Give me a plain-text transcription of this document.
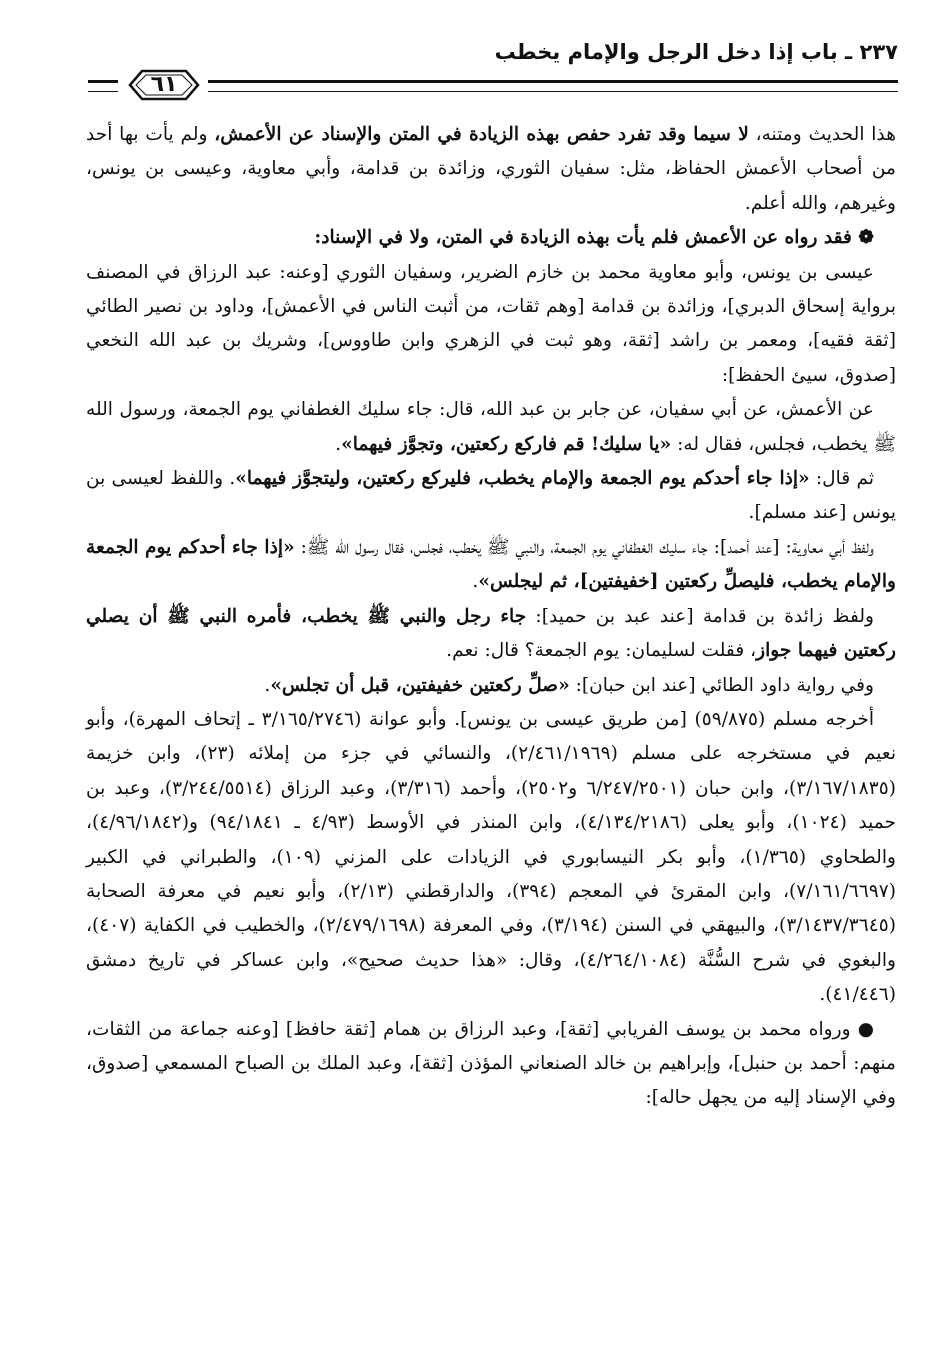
٢٣٧ ـ باب إذا دخل الرجل والإمام يخطب
٦١

هذا الحديث ومتنه، لا سيما وقد تفرد حفص بهذه الزيادة في المتن والإسناد عن الأعمش، ولم يأت بها أحد من أصحاب الأعمش الحفاظ، مثل: سفيان الثوري، وزائدة بن قدامة، وأبي معاوية، وعيسى بن يونس، وغيرهم، والله أعلم.

❁ فقد رواه عن الأعمش فلم يأت بهذه الزيادة في المتن، ولا في الإسناد:

عيسى بن يونس، وأبو معاوية محمد بن خازم الضرير، وسفيان الثوري [وعنه: عبد الرزاق في المصنف برواية إسحاق الدبري]، وزائدة بن قدامة [وهم ثقات، من أثبت الناس في الأعمش]، وداود بن نصير الطائي [ثقة فقيه]، ومعمر بن راشد [ثقة، وهو ثبت في الزهري وابن طاووس]، وشريك بن عبد الله النخعي [صدوق، سيئ الحفظ]:

عن الأعمش، عن أبي سفيان، عن جابر بن عبد الله، قال: جاء سليك الغطفاني يوم الجمعة، ورسول الله ﷺ يخطب، فجلس، فقال له: «يا سليك! قم فاركع ركعتين، وتجوَّز فيهما».

ثم قال: «إذا جاء أحدكم يوم الجمعة والإمام يخطب، فليركع ركعتين، وليتجوَّز فيهما». واللفظ لعيسى بن يونس [عند مسلم].

ولفظ أبي معاوية: [عند أحمد]: جاء سليك الغطفاني يوم الجمعة، والنبي ﷺ يخطب، فجلس، فقال رسول الله ﷺ: «إذا جاء أحدكم يوم الجمعة والإمام يخطب، فليصلِّ ركعتين [خفيفتين]، ثم ليجلس».

ولفظ زائدة بن قدامة [عند عبد بن حميد]: جاء رجل والنبي ﷺ يخطب، فأمره النبي ﷺ أن يصلي ركعتين فيهما جواز، فقلت لسليمان: يوم الجمعة؟ قال: نعم.

وفي رواية داود الطائي [عند ابن حبان]: «صلِّ ركعتين خفيفتين، قبل أن تجلس».

أخرجه مسلم (٥٩/٨٧٥) [من طريق عيسى بن يونس]. وأبو عوانة (٣/١٦٥/٢٧٤٦ ـ إتحاف المهرة)، وأبو نعيم في مستخرجه على مسلم (٢/٤٦١/١٩٦٩)، والنسائي في جزء من إملائه (٢٣)، وابن خزيمة (٣/١٦٧/١٨٣٥)، وابن حبان (٦/٢٤٧/٢٥٠١ و٢٥٠٢)، وأحمد (٣/٣١٦)، وعبد الرزاق (٣/٢٤٤/٥٥١٤)، وعبد بن حميد (١٠٢٤)، وأبو يعلى (٤/١٣٤/٢١٨٦)، وابن المنذر في الأوسط (٤/٩٣ ـ ٩٤/١٨٤١) و(٤/٩٦/١٨٤٢)، والطحاوي (١/٣٦٥)، وأبو بكر النيسابوري في الزيادات على المزني (١٠٩)، والطبراني في الكبير (٧/١٦١/٦٦٩٧)، وابن المقرئ في المعجم (٣٩٤)، والدارقطني (٢/١٣)، وأبو نعيم في معرفة الصحابة (٣/١٤٣٧/٣٦٤٥)، والبيهقي في السنن (٣/١٩٤)، وفي المعرفة (٢/٤٧٩/١٦٩٨)، والخطيب في الكفاية (٤٠٧)، والبغوي في شرح السُّنَّة (٤/٢٦٤/١٠٨٤)، وقال: «هذا حديث صحيح»، وابن عساكر في تاريخ دمشق (٤١/٤٤٦).

● ورواه محمد بن يوسف الفريابي [ثقة]، وعبد الرزاق بن همام [ثقة حافظ] [وعنه جماعة من الثقات، منهم: أحمد بن حنبل]، وإبراهيم بن خالد الصنعاني المؤذن [ثقة]، وعبد الملك بن الصباح المسمعي [صدوق، وفي الإسناد إليه من يجهل حاله]:
